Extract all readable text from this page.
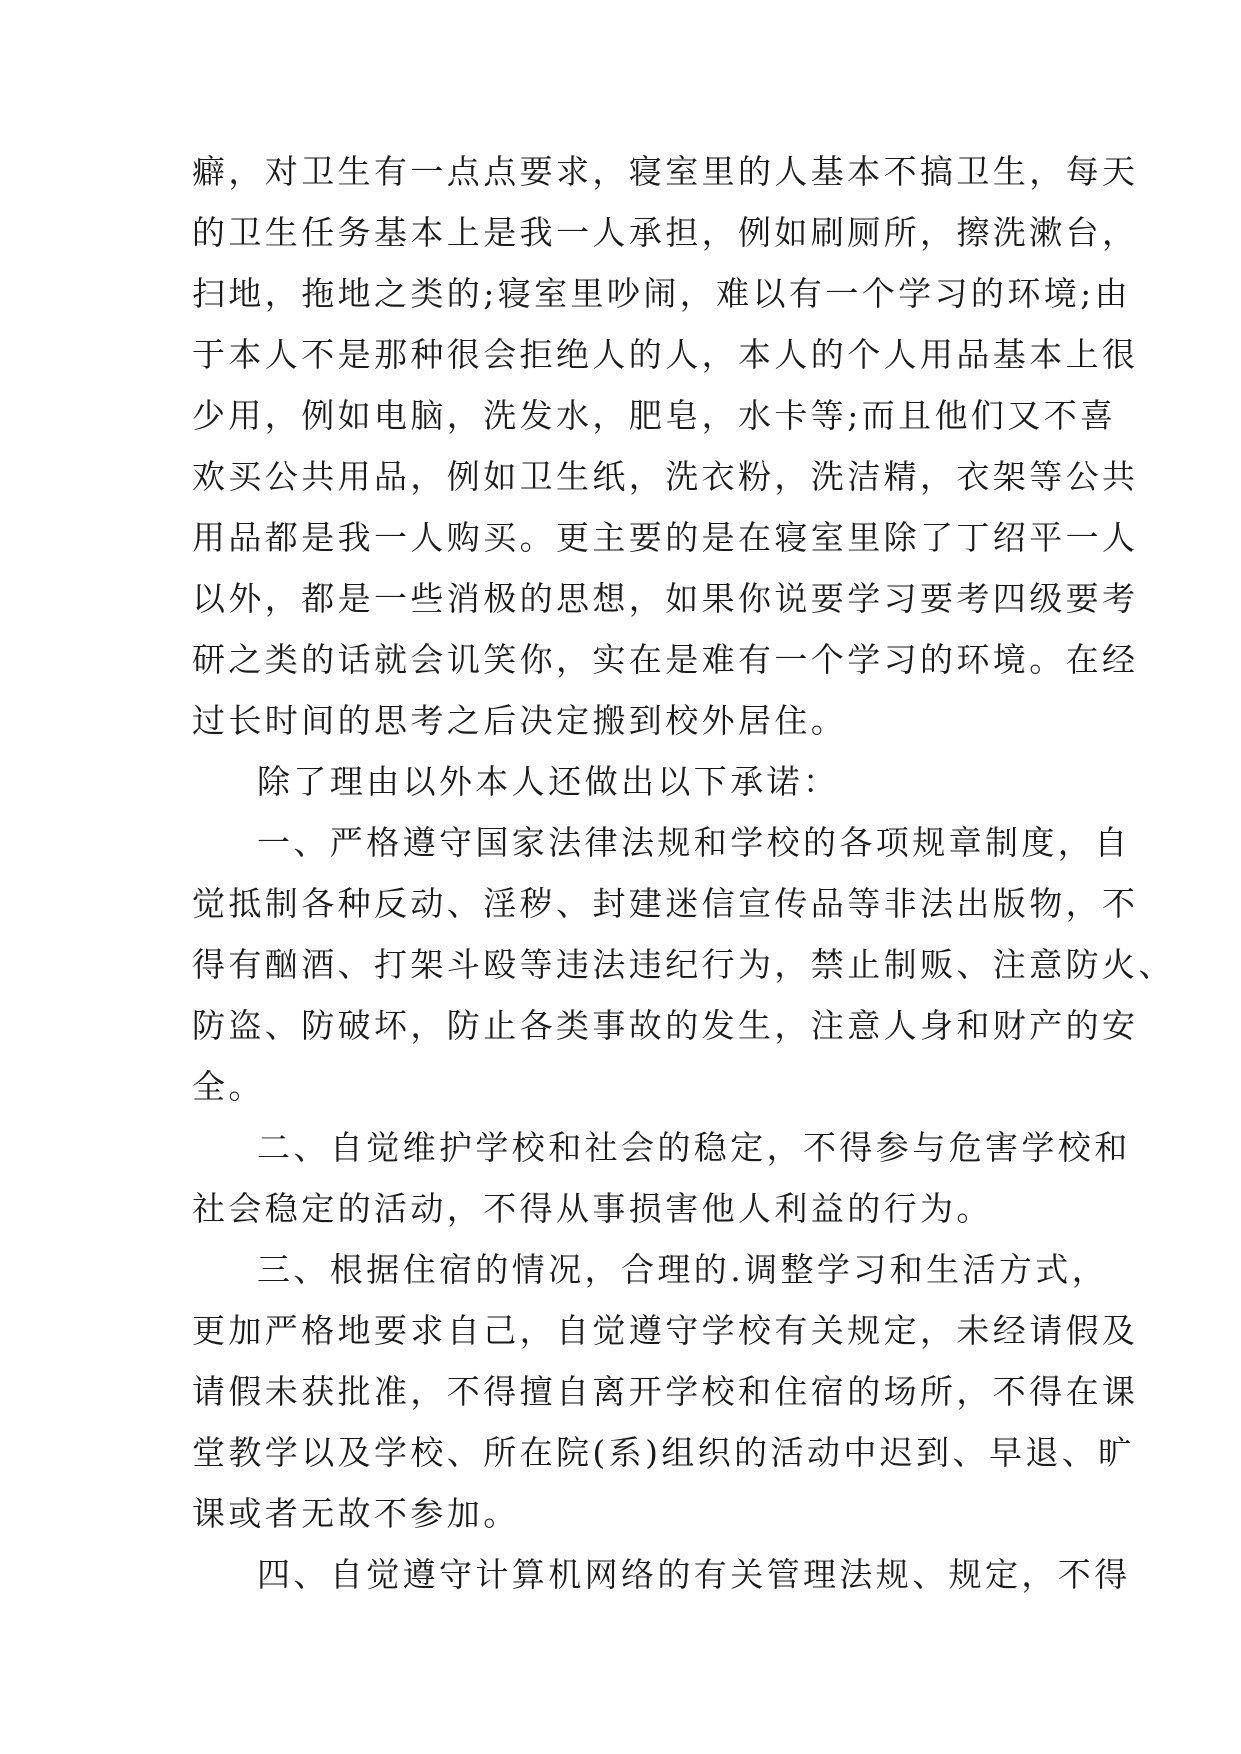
癖，对卫生有一点点要求，寝室里的人基本不搞卫生，每天
的卫生任务基本上是我一人承担，例如刷厕所，擦洗漱台，
扫地，拖地之类的;寝室里吵闹，难以有一个学习的环境;由
于本人不是那种很会拒绝人的人，本人的个人用品基本上很
少用，例如电脑，洗发水，肥皂，水卡等;而且他们又不喜
欢买公共用品，例如卫生纸，洗衣粉，洗洁精，衣架等公共
用品都是我一人购买。更主要的是在寝室里除了丁绍平一人
以外，都是一些消极的思想，如果你说要学习要考四级要考
研之类的话就会讥笑你，实在是难有一个学习的环境。在经
过长时间的思考之后决定搬到校外居住。
除了理由以外本人还做出以下承诺：
一、严格遵守国家法律法规和学校的各项规章制度，自
觉抵制各种反动、淫秽、封建迷信宣传品等非法出版物，不
得有酗酒、打架斗殴等违法违纪行为，禁止制贩、注意防火、
防盗、防破坏，防止各类事故的发生，注意人身和财产的安
全。
二、自觉维护学校和社会的稳定，不得参与危害学校和
社会稳定的活动，不得从事损害他人利益的行为。
三、根据住宿的情况，合理的.调整学习和生活方式，
更加严格地要求自己，自觉遵守学校有关规定，未经请假及
请假未获批准，不得擅自离开学校和住宿的场所，不得在课
堂教学以及学校、所在院(系)组织的活动中迟到、早退、旷
课或者无故不参加。
四、自觉遵守计算机网络的有关管理法规、规定，不得
